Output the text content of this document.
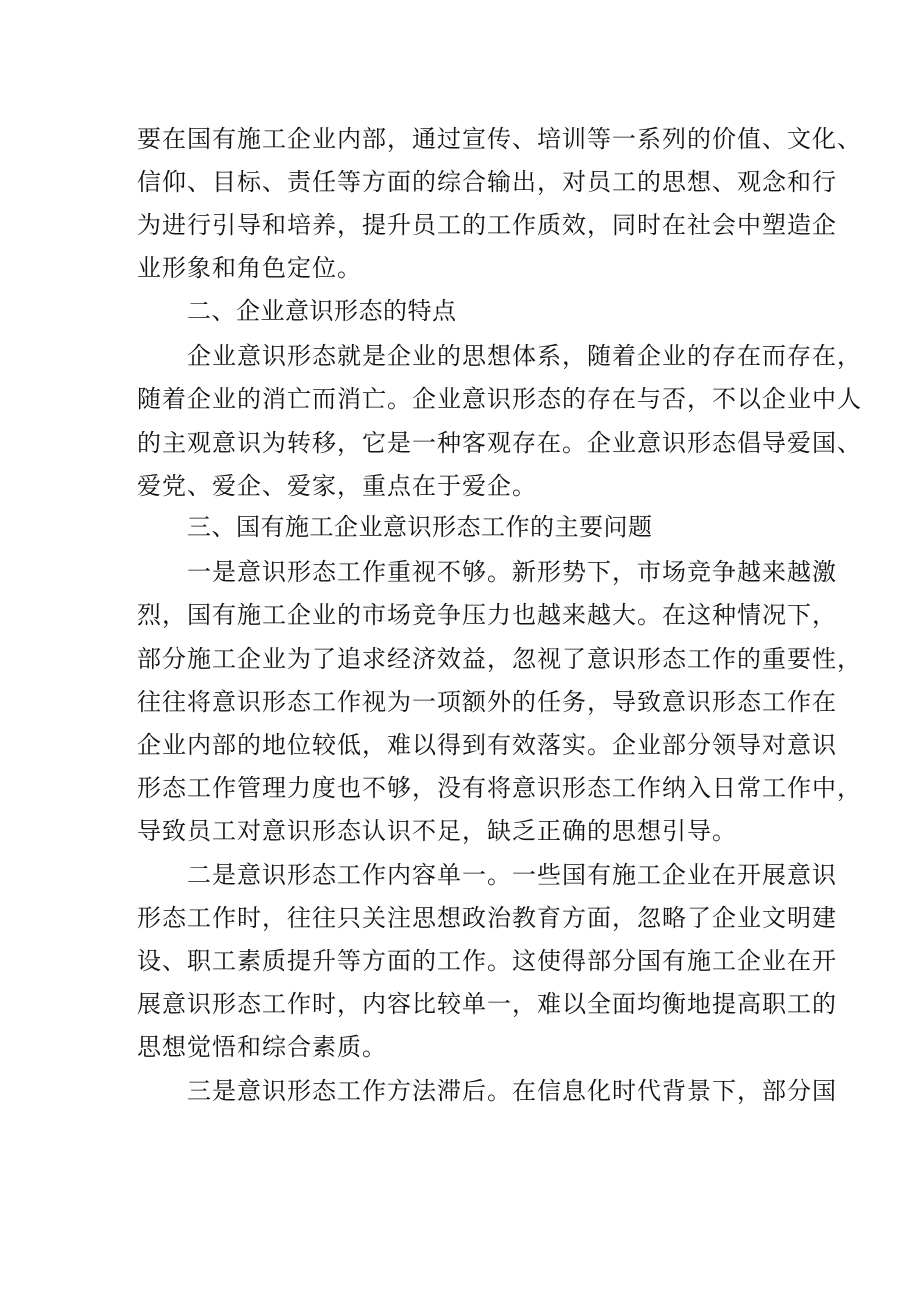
要在国有施工企业内部，通过宣传、培训等一系列的价值、文化、
信仰、目标、责任等方面的综合输出，对员工的思想、观念和行
为进行引导和培养，提升员工的工作质效，同时在社会中塑造企
业形象和角色定位。
二、企业意识形态的特点
企业意识形态就是企业的思想体系，随着企业的存在而存在，
随着企业的消亡而消亡。企业意识形态的存在与否，不以企业中人
的主观意识为转移，它是一种客观存在。企业意识形态倡导爱国、
爱党、爱企、爱家，重点在于爱企。
三、国有施工企业意识形态工作的主要问题
一是意识形态工作重视不够。新形势下，市场竞争越来越激
烈，国有施工企业的市场竞争压力也越来越大。在这种情况下，
部分施工企业为了追求经济效益，忽视了意识形态工作的重要性，
往往将意识形态工作视为一项额外的任务，导致意识形态工作在
企业内部的地位较低，难以得到有效落实。企业部分领导对意识
形态工作管理力度也不够，没有将意识形态工作纳入日常工作中，
导致员工对意识形态认识不足，缺乏正确的思想引导。
二是意识形态工作内容单一。一些国有施工企业在开展意识
形态工作时，往往只关注思想政治教育方面，忽略了企业文明建
设、职工素质提升等方面的工作。这使得部分国有施工企业在开
展意识形态工作时，内容比较单一，难以全面均衡地提高职工的
思想觉悟和综合素质。
三是意识形态工作方法滞后。在信息化时代背景下，部分国
